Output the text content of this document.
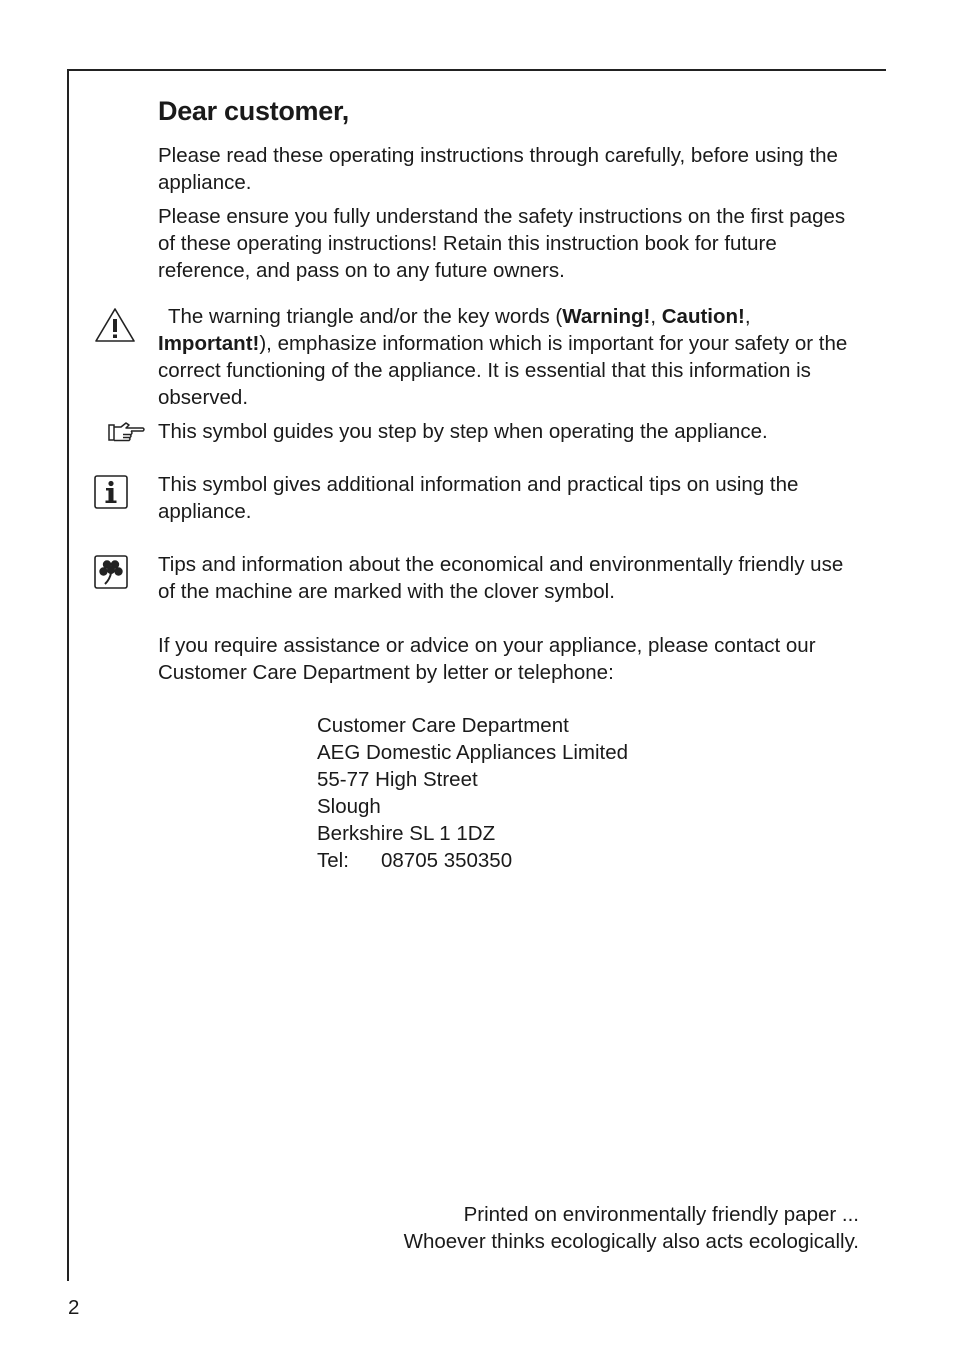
Dear customer,

Please read these operating instructions through carefully, before using the appliance.

Please ensure you fully understand the safety instructions on the first pages of these operating instructions! Retain this instruction book for future reference, and pass on to any future owners.

The warning triangle and/or the key words (Warning!, Caution!, Important!), emphasize information which is important for your safety or the correct functioning of the appliance. It is essential that this information is observed.

This symbol guides you step by step when operating the appliance.

This symbol gives additional information and practical tips on using the appliance.

Tips and information about the economical and environmentally friendly use of the machine are marked with the clover symbol.

If you require assistance or advice on your appliance, please contact our Customer Care Department by letter or telephone:

Customer Care Department
AEG Domestic Appliances Limited
55-77 High Street
Slough
Berkshire SL 1 1DZ
Tel: 08705 350350
Printed on environmentally friendly paper ...
Whoever thinks ecologically also acts ecologically.
2
